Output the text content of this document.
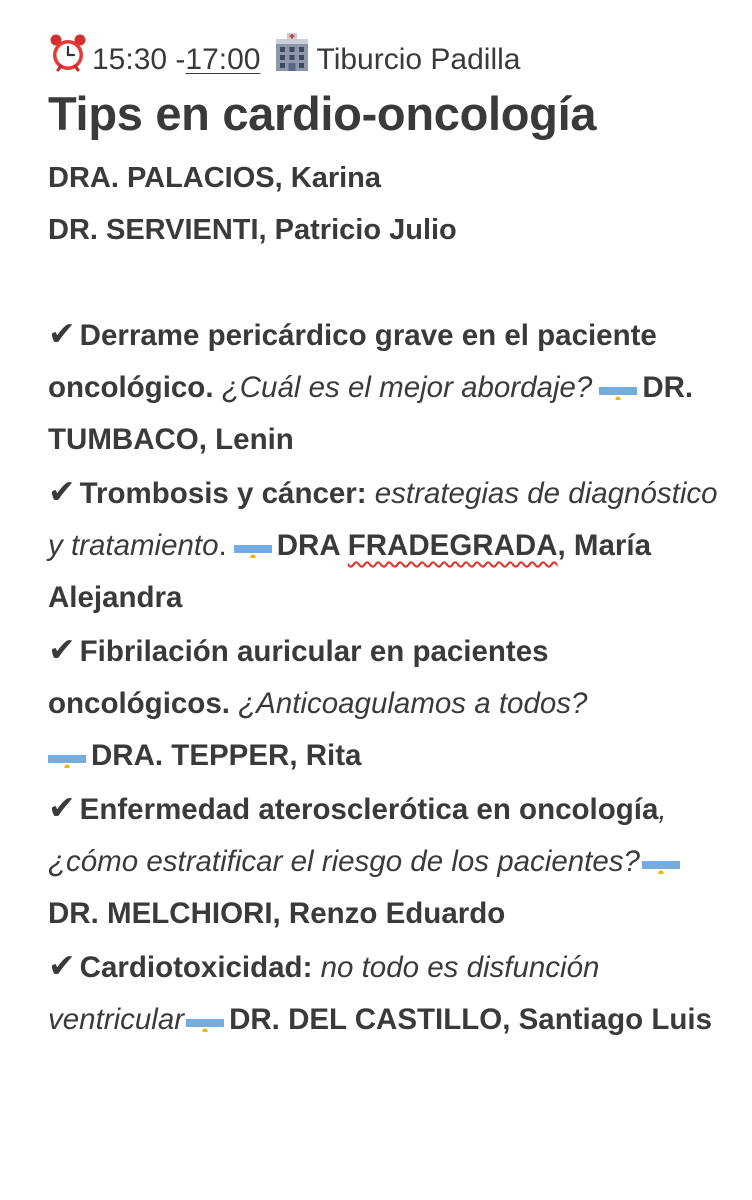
15:30 - 17:00 Tiburcio Padilla
Tips en cardio-oncología
DRA. PALACIOS, Karina
DR. SERVIENTI, Patricio Julio

✔ Derrame pericárdico grave en el paciente oncológico. ¿Cuál es el mejor abordaje? DR. TUMBACO, Lenin

✔ Trombosis y cáncer: estrategias de diagnóstico y tratamiento. DRA FRADEGRADA, María Alejandra

✔ Fibrilación auricular en pacientes oncológicos. ¿Anticoagulamos a todos?
DRA. TEPPER, Rita

✔ Enfermedad aterosclerótica en oncología, ¿cómo estratificar el riesgo de los pacientes?DR. MELCHIORI, Renzo Eduardo

✔ Cardiotoxicidad: no todo es disfunción ventricular DR. DEL CASTILLO, Santiago Luis
